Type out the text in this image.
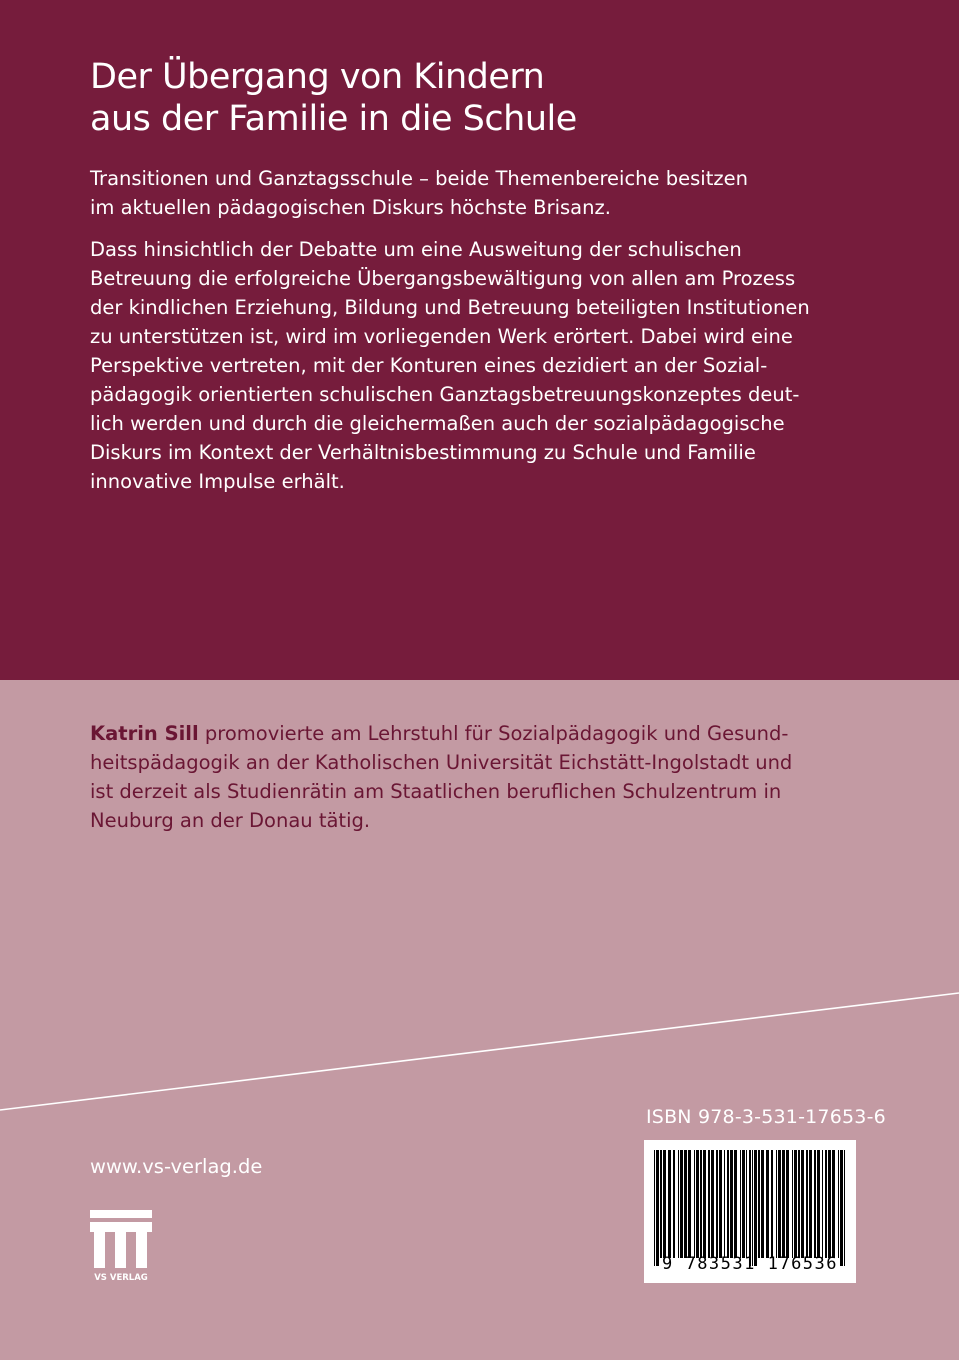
Der Übergang von Kindern
aus der Familie in die Schule

Transitionen und Ganztagsschule – beide Themenbereiche besitzen
im aktuellen pädagogischen Diskurs höchste Brisanz.

Dass hinsichtlich der Debatte um eine Ausweitung der schulischen
Betreuung die erfolgreiche Übergangsbewältigung von allen am Prozess
der kindlichen Erziehung, Bildung und Betreuung beteiligten Institutionen
zu unterstützen ist, wird im vorliegenden Werk erörtert. Dabei wird eine
Perspektive vertreten, mit der Konturen eines dezidiert an der Sozial-
pädagogik orientierten schulischen Ganztagsbetreuungskonzeptes deut-
lich werden und durch die gleichermaßen auch der sozialpädagogische
Diskurs im Kontext der Verhältnisbestimmung zu Schule und Familie
innovative Impulse erhält.

Katrin Sill promovierte am Lehrstuhl für Sozialpädagogik und Gesund-
heitspädagogik an der Katholischen Universität Eichstätt-Ingolstadt und
ist derzeit als Studienrätin am Staatlichen beruflichen Schulzentrum in
Neuburg an der Donau tätig.

www.vs-verlag.de
VS VERLAG
ISBN 978-3-531-17653-6
9 783531 176536
